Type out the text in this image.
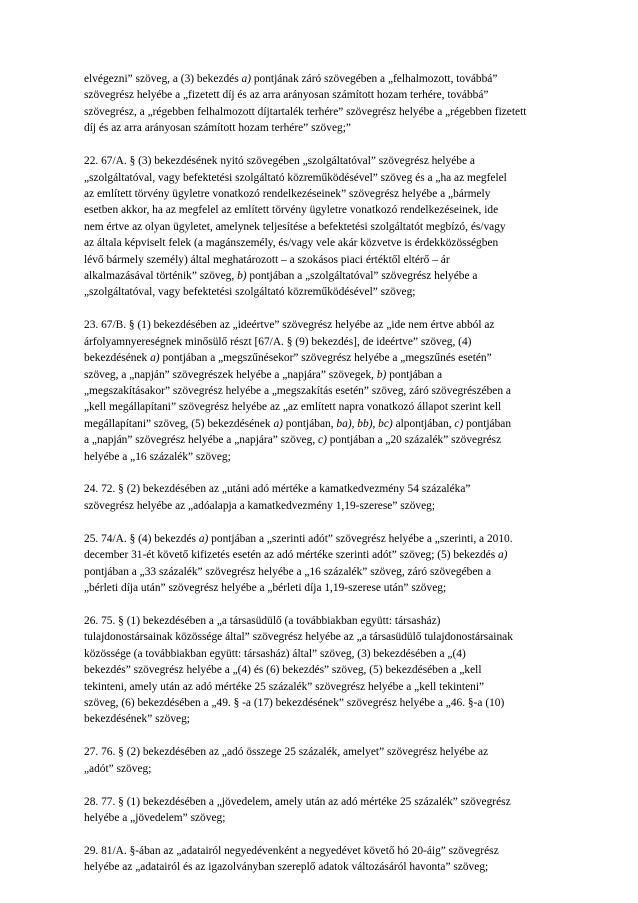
elvégezni” szöveg, a (3) bekezdés a) pontjának záró szövegében a „felhalmozott, továbbá”
szövegrész helyébe a „fizetett díj és az arra arányosan számított hozam terhére, továbbá”
szövegrész, a „régebben felhalmozott díjtartalék terhére” szövegrész helyébe a „régebben fizetett
díj és az arra arányosan számított hozam terhére” szöveg;”
22. 67/A. § (3) bekezdésének nyitó szövegében „szolgáltatóval” szövegrész helyébe a
„szolgáltatóval, vagy befektetési szolgáltató közreműködésével” szöveg és a „ha az megfelel
az említett törvény ügyletre vonatkozó rendelkezéseinek” szövegrész helyébe a „bármely
esetben akkor, ha az megfelel az említett törvény ügyletre vonatkozó rendelkezéseinek, ide
nem értve az olyan ügyletet, amelynek teljesítése a befektetési szolgáltatót megbízó, és/vagy
az általa képviselt felek (a magánszemély, és/vagy vele akár közvetve is érdekközösségben
lévő bármely személy) által meghatározott – a szokásos piaci értéktől eltérő – ár
alkalmazásával történik” szöveg, b) pontjában a „szolgáltatóval” szövegrész helyébe a
„szolgáltatóval, vagy befektetési szolgáltató közreműködésével” szöveg;
23. 67/B. § (1) bekezdésében az „ideértve” szövegrész helyébe az „ide nem értve abból az
árfolyamnyereségnek minősülő részt [67/A. § (9) bekezdés], de ideértve” szöveg, (4)
bekezdésének a) pontjában a „megszűnésekor” szövegrész helyébe a „megszűnés esetén”
szöveg, a „napján” szövegrészek helyébe a „napjára” szövegek, b) pontjában a
„megszakításakor” szövegrész helyébe a „megszakítás esetén” szöveg, záró szövegrészében a
„kell megállapítani” szövegrész helyébe az „az említett napra vonatkozó állapot szerint kell
megállapítani” szöveg, (5) bekezdésének a) pontjában, ba), bb), bc) alpontjában, c) pontjában
a „napján” szövegrész helyébe a „napjára” szöveg, c) pontjában a „20 százalék” szövegrész
helyébe a „16 százalék” szöveg;
24. 72. § (2) bekezdésében az „utáni adó mértéke a kamatkedvezmény 54 százaléka”
szövegrész helyébe az „adóalapja a kamatkedvezmény 1,19-szerese” szöveg;
25. 74/A. § (4) bekezdés a) pontjában a „szerinti adót” szövegrész helyébe a „szerinti, a 2010.
december 31-ét követő kifizetés esetén az adó mértéke szerinti adót” szöveg; (5) bekezdés a)
pontjában a „33 százalék” szövegrész helyébe a „16 százalék” szöveg, záró szövegében a
„bérleti díja után” szövegrész helyébe a „bérleti díja 1,19-szerese után” szöveg;
26. 75. § (1) bekezdésében a „a társasüdülő (a továbbiakban együtt: társasház)
tulajdonostársainak közössége által” szövegrész helyébe az „a társasüdülő tulajdonostársainak
közössége (a továbbiakban együtt: társasház) által” szöveg, (3) bekezdésében a „(4)
bekezdés” szövegrész helyébe a „(4) és (6) bekezdés” szöveg, (5) bekezdésében a „kell
tekinteni, amely után az adó mértéke 25 százalék” szövegrész helyébe a „kell tekinteni”
szöveg, (6) bekezdésében a „49. § -a (17) bekezdésének” szövegrész helyébe a „46. §-a (10)
bekezdésének” szöveg;
27. 76. § (2) bekezdésében az „adó összege 25 százalék, amelyet” szövegrész helyébe az
„adót” szöveg;
28. 77. § (1) bekezdésében a „jövedelem, amely után az adó mértéke 25 százalék” szövegrész
helyébe a „jövedelem” szöveg;
29. 81/A. §-ában az „adatairól negyedévenként a negyedévet követő hó 20-áig” szövegrész
helyébe az „adatairól és az igazolványban szereplő adatok változásáról havonta” szöveg;
